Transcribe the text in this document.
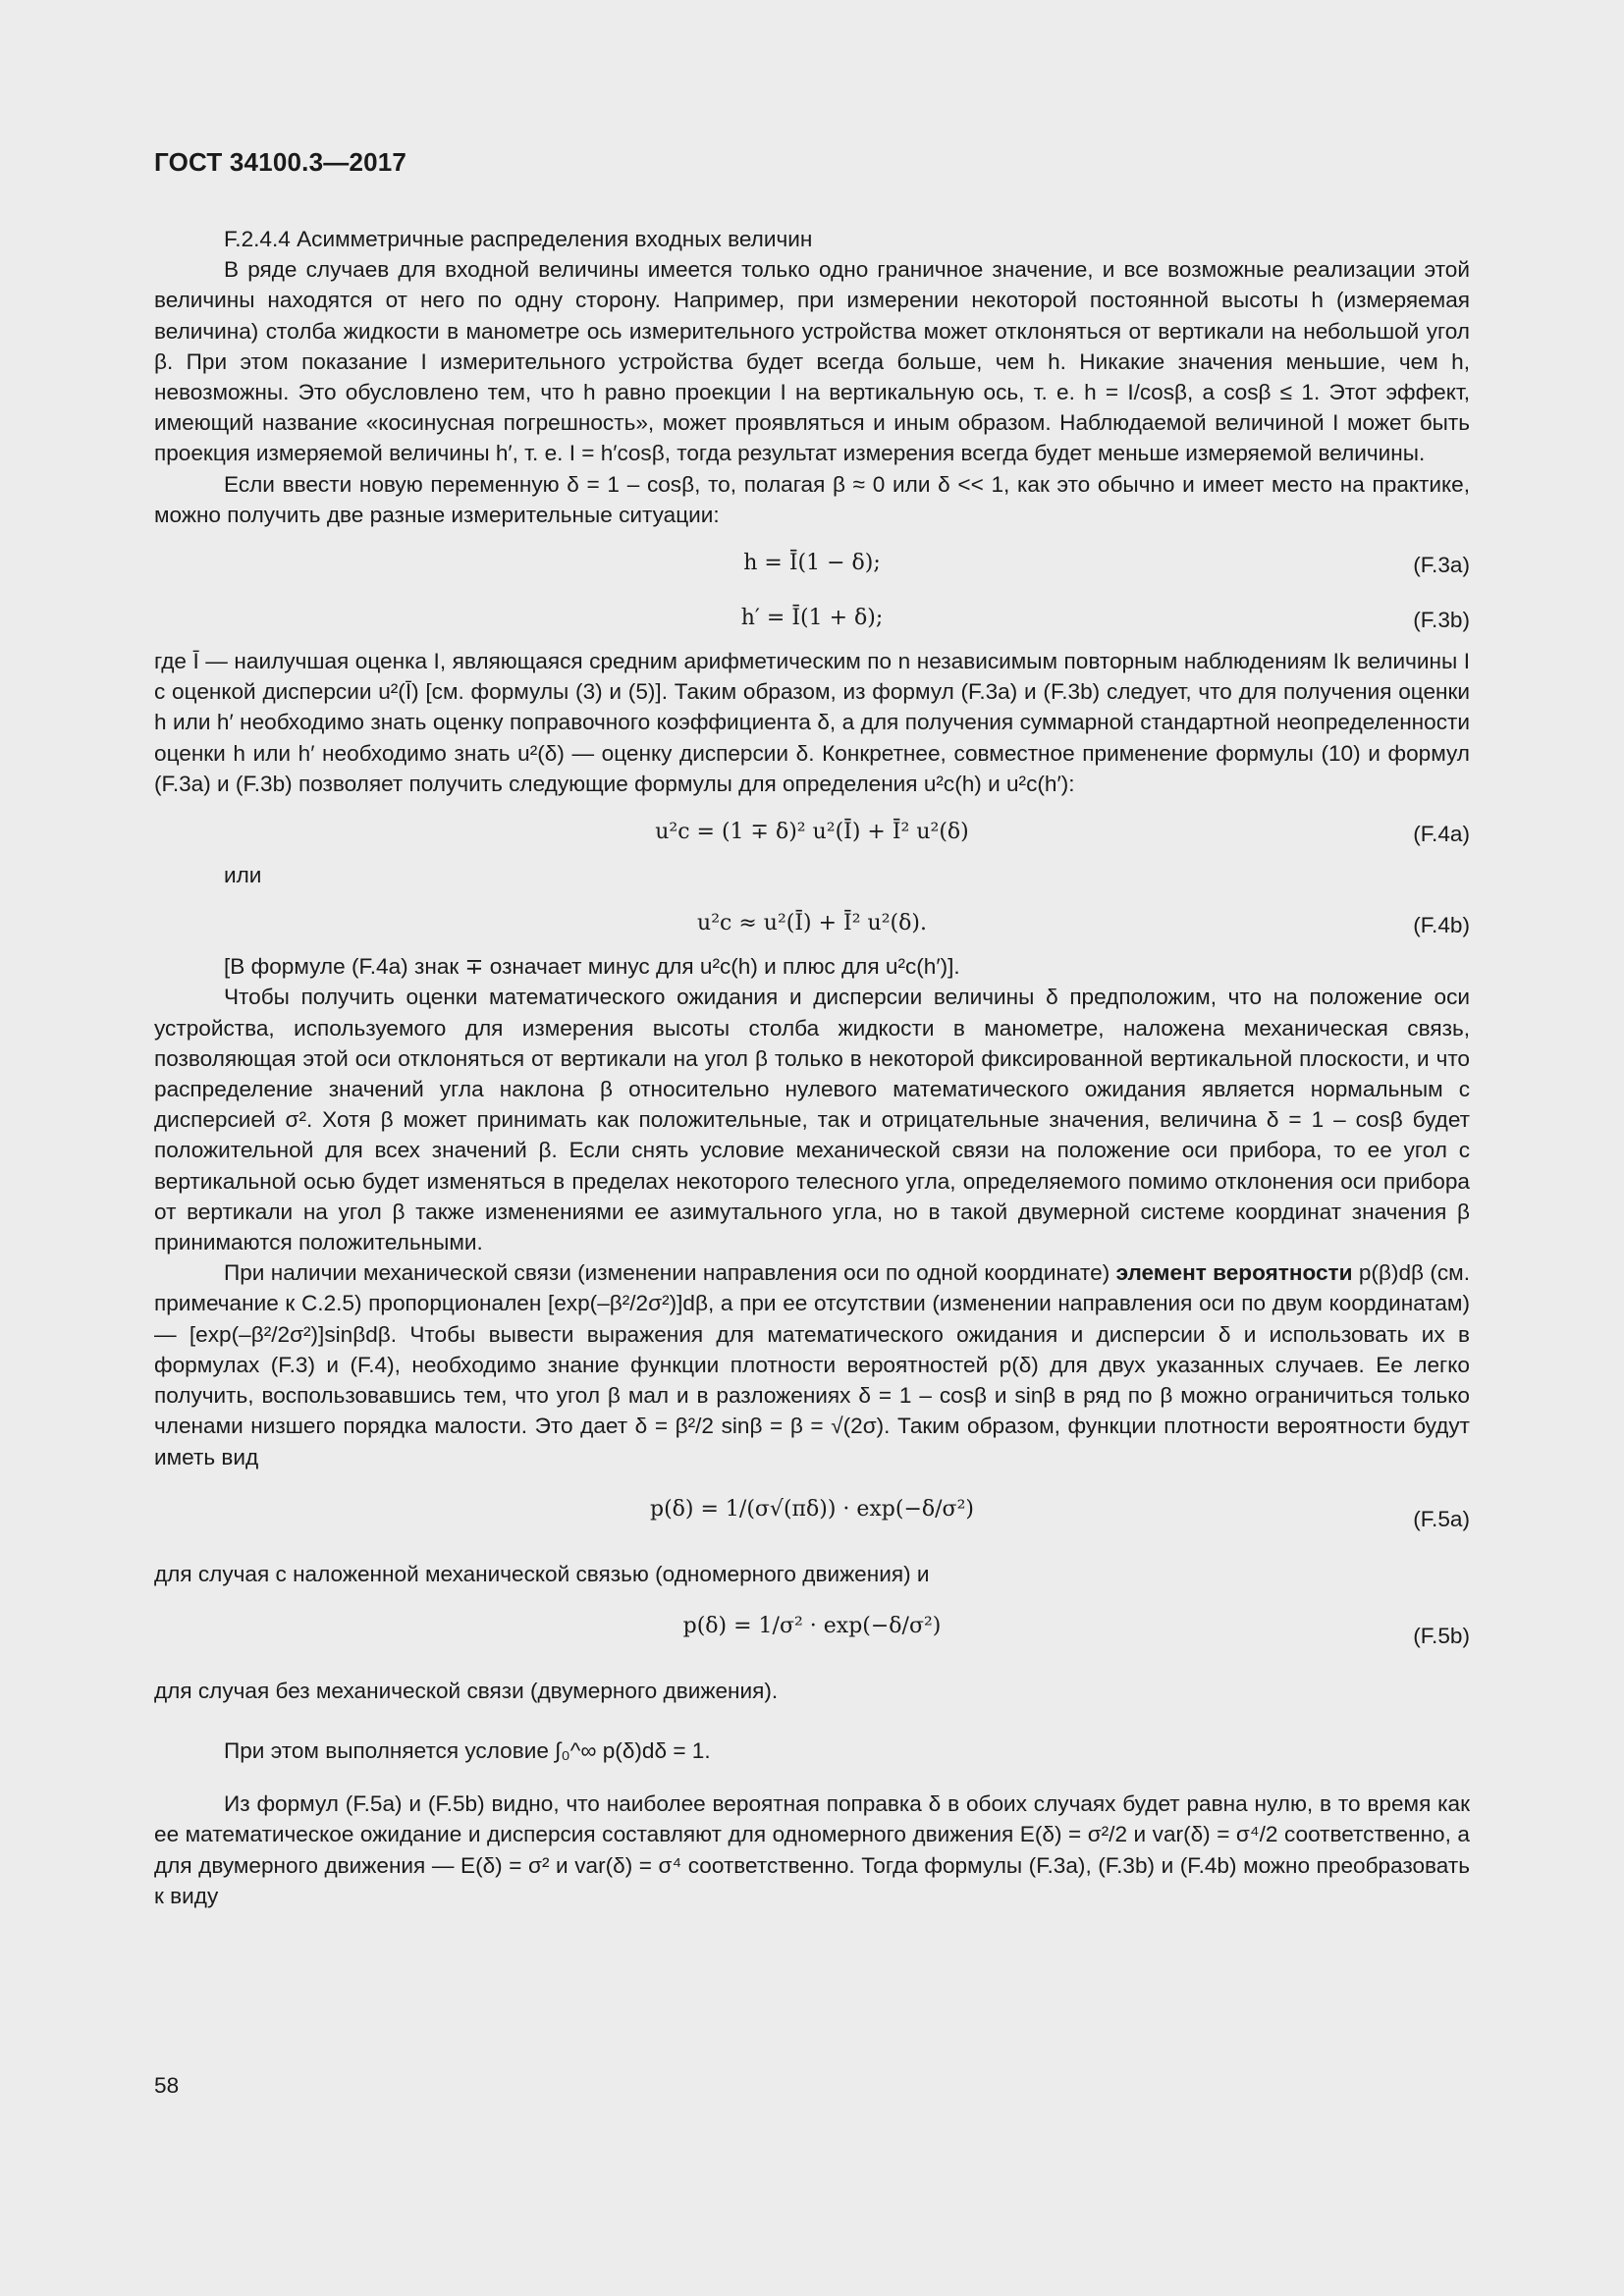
ГОСТ 34100.3—2017

F.2.4.4 Асимметричные распределения входных величин

В ряде случаев для входной величины имеется только одно граничное значение, и все возможные реализации этой величины находятся от него по одну сторону. Например, при измерении некоторой постоянной высоты h (измеряемая величина) столба жидкости в манометре ось измерительного устройства может отклоняться от вертикали на небольшой угол β. При этом показание I измерительного устройства будет всегда больше, чем h. Никакие значения меньшие, чем h, невозможны. Это обусловлено тем, что h равно проекции I на вертикальную ось, т. е. h = I/cosβ, а cosβ ≤ 1. Этот эффект, имеющий название «косинусная погрешность», может проявляться и иным образом. Наблюдаемой величиной I может быть проекция измеряемой величины h′, т. е. I = h′cosβ, тогда результат измерения всегда будет меньше измеряемой величины.

Если ввести новую переменную δ = 1 – cosβ, то, полагая β ≈ 0 или δ << 1, как это обычно и имеет место на практике, можно получить две разные измерительные ситуации:

h = Ī(1 − δ);	(F.3a)
h′ = Ī(1 + δ);	(F.3b)

где Ī — наилучшая оценка I, являющаяся средним арифметическим по n независимым повторным наблюдениям Ik величины I с оценкой дисперсии u²(Ī) [см. формулы (3) и (5)]. Таким образом, из формул (F.3a) и (F.3b) следует, что для получения оценки h или h′ необходимо знать оценку поправочного коэффициента δ, а для получения суммарной стандартной неопределенности оценки h или h′ необходимо знать u²(δ) — оценку дисперсии δ. Конкретнее, совместное применение формулы (10) и формул (F.3a) и (F.3b) позволяет получить следующие формулы для определения u²c(h) и u²c(h′):

u²c = (1 ∓ δ)² u²(Ī) + Ī² u²(δ)	(F.4a)

или

u²c ≈ u²(Ī) + Ī² u²(δ).	(F.4b)

[В формуле (F.4a) знак ∓ означает минус для u²c(h) и плюс для u²c(h′)].

Чтобы получить оценки математического ожидания и дисперсии величины δ предположим, что на положение оси устройства, используемого для измерения высоты столба жидкости в манометре, наложена механическая связь, позволяющая этой оси отклоняться от вертикали на угол β только в некоторой фиксированной вертикальной плоскости, и что распределение значений угла наклона β относительно нулевого математического ожидания является нормальным с дисперсией σ². Хотя β может принимать как положительные, так и отрицательные значения, величина δ = 1 – cosβ будет положительной для всех значений β. Если снять условие механической связи на положение оси прибора, то ее угол с вертикальной осью будет изменяться в пределах некоторого телесного угла, определяемого помимо отклонения оси прибора от вертикали на угол β также изменениями ее азимутального угла, но в такой двумерной системе координат значения β принимаются положительными.

При наличии механической связи (изменении направления оси по одной координате) элемент вероятности p(β)dβ (см. примечание к С.2.5) пропорционален [exp(–β²/2σ²)]dβ, а при ее отсутствии (изменении направления оси по двум координатам) — [exp(–β²/2σ²)]sinβdβ. Чтобы вывести выражения для математического ожидания и дисперсии δ и использовать их в формулах (F.3) и (F.4), необходимо знание функции плотности вероятностей p(δ) для двух указанных случаев. Ее легко получить, воспользовавшись тем, что угол β мал и в разложениях δ = 1 – cosβ и sinβ в ряд по β можно ограничиться только членами низшего порядка малости. Это дает δ = β²/2 sinβ = β = √(2σ). Таким образом, функции плотности вероятности будут иметь вид

p(δ) = 1/(σ√(πδ)) · exp(−δ/σ²)	(F.5a)

для случая с наложенной механической связью (одномерного движения) и

p(δ) = 1/σ² · exp(−δ/σ²)	(F.5b)

для случая без механической связи (двумерного движения).

При этом выполняется условие ∫₀^∞ p(δ)dδ = 1.

Из формул (F.5a) и (F.5b) видно, что наиболее вероятная поправка δ в обоих случаях будет равна нулю, в то время как ее математическое ожидание и дисперсия составляют для одномерного движения E(δ) = σ²/2 и var(δ) = σ⁴/2 соответственно, а для двумерного движения — E(δ) = σ² и var(δ) = σ⁴ соответственно. Тогда формулы (F.3a), (F.3b) и (F.4b) можно преобразовать к виду

58
